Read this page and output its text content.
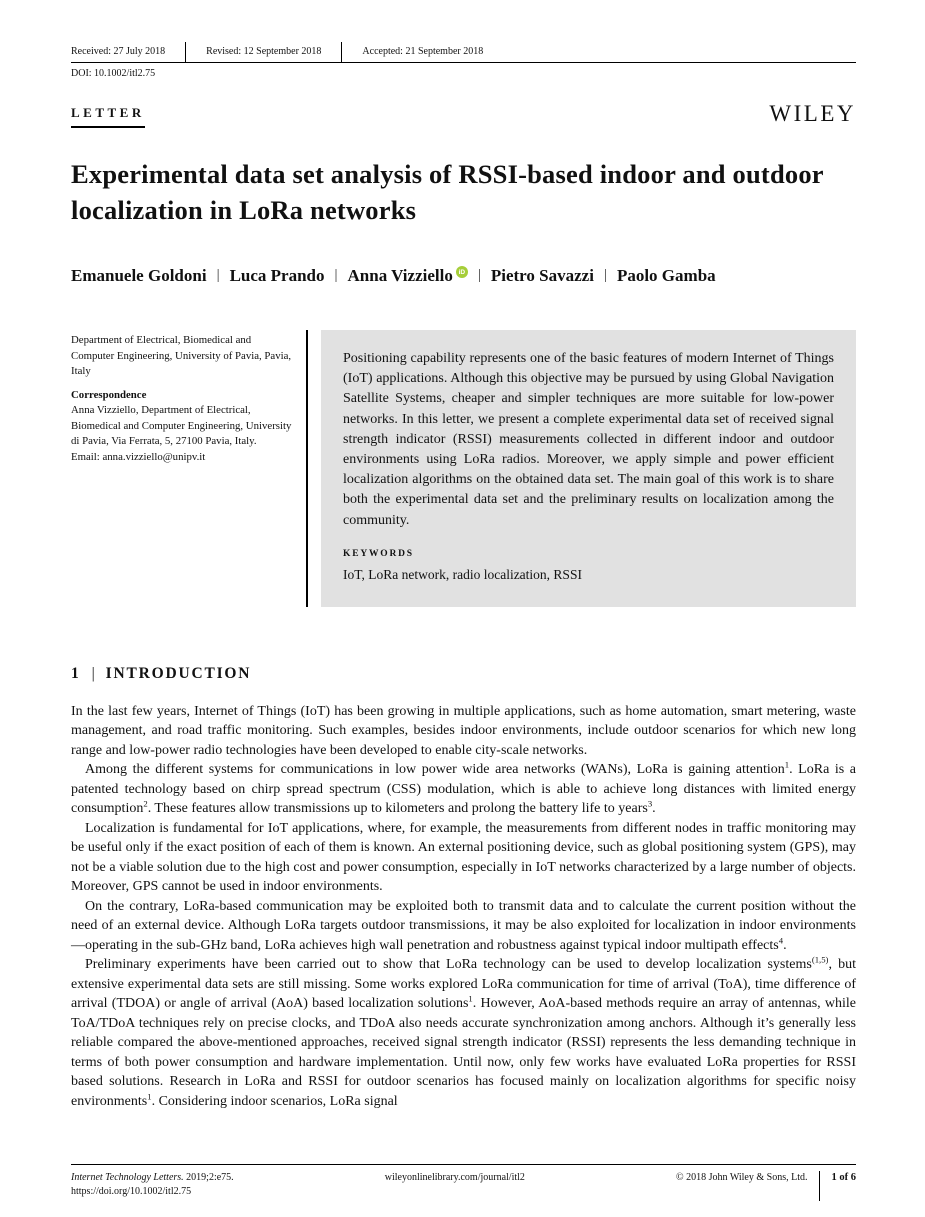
Received: 27 July 2018	Revised: 12 September 2018	Accepted: 21 September 2018
DOI: 10.1002/itl2.75
LETTER	WILEY
Experimental data set analysis of RSSI-based indoor and outdoor localization in LoRa networks
Emanuele Goldoni | Luca Prando | Anna Vizziello iD | Pietro Savazzi | Paolo Gamba
Department of Electrical, Biomedical and Computer Engineering, University of Pavia, Pavia, Italy
Correspondence
Anna Vizziello, Department of Electrical, Biomedical and Computer Engineering, University di Pavia, Via Ferrata, 5, 27100 Pavia, Italy.
Email: anna.vizziello@unipv.it
Positioning capability represents one of the basic features of modern Internet of Things (IoT) applications. Although this objective may be pursued by using Global Navigation Satellite Systems, cheaper and simpler techniques are more suitable for low-power networks. In this letter, we present a complete experimental data set of received signal strength indicator (RSSI) measurements collected in different indoor and outdoor environments using LoRa radios. Moreover, we apply simple and power efficient localization algorithms on the obtained data set. The main goal of this work is to share both the experimental data set and the preliminary results on localization among the community.
KEYWORDS
IoT, LoRa network, radio localization, RSSI
1 | INTRODUCTION

In the last few years, Internet of Things (IoT) has been growing in multiple applications, such as home automation, smart metering, waste management, and road traffic monitoring. Such examples, besides indoor environments, include outdoor scenarios for which new long range and low-power radio technologies have been developed to enable city-scale networks.

Among the different systems for communications in low power wide area networks (WANs), LoRa is gaining attention$^1$. LoRa is a patented technology based on chirp spread spectrum (CSS) modulation, which is able to achieve long distances with limited energy consumption$^2$. These features allow transmissions up to kilometers and prolong the battery life to years$^3$.

Localization is fundamental for IoT applications, where, for example, the measurements from different nodes in traffic monitoring may be useful only if the exact position of each of them is known. An external positioning device, such as global positioning system (GPS), may not be a viable solution due to the high cost and power consumption, especially in IoT networks characterized by a large number of objects. Moreover, GPS cannot be used in indoor environments.

On the contrary, LoRa-based communication may be exploited both to transmit data and to calculate the current position without the need of an external device. Although LoRa targets outdoor transmissions, it may be also exploited for localization in indoor environments—operating in the sub-GHz band, LoRa achieves high wall penetration and robustness against typical indoor multipath effects$^4$.

Preliminary experiments have been carried out to show that LoRa technology can be used to develop localization systems$^{(1,5)}$, but extensive experimental data sets are still missing. Some works explored LoRa communication for time of arrival (ToA), time difference of arrival (TDOA) or angle of arrival (AoA) based localization solutions$^1$. However, AoA-based methods require an array of antennas, while ToA/TDoA techniques rely on precise clocks, and TDoA also needs accurate synchronization among anchors. Although it’s generally less reliable compared the above-mentioned approaches, received signal strength indicator (RSSI) represents the less demanding technique in terms of both power consumption and hardware implementation. Until now, only few works have evaluated LoRa properties for RSSI based solutions. Research in LoRa and RSSI for outdoor scenarios has focused mainly on localization algorithms for specific noisy environments$^1$. Considering indoor scenarios, LoRa signal

Internet Technology Letters. 2019;2:e75.
https://doi.org/10.1002/itl2.75
wileyonlinelibrary.com/journal/itl2	© 2018 John Wiley & Sons, Ltd.	1 of 6
